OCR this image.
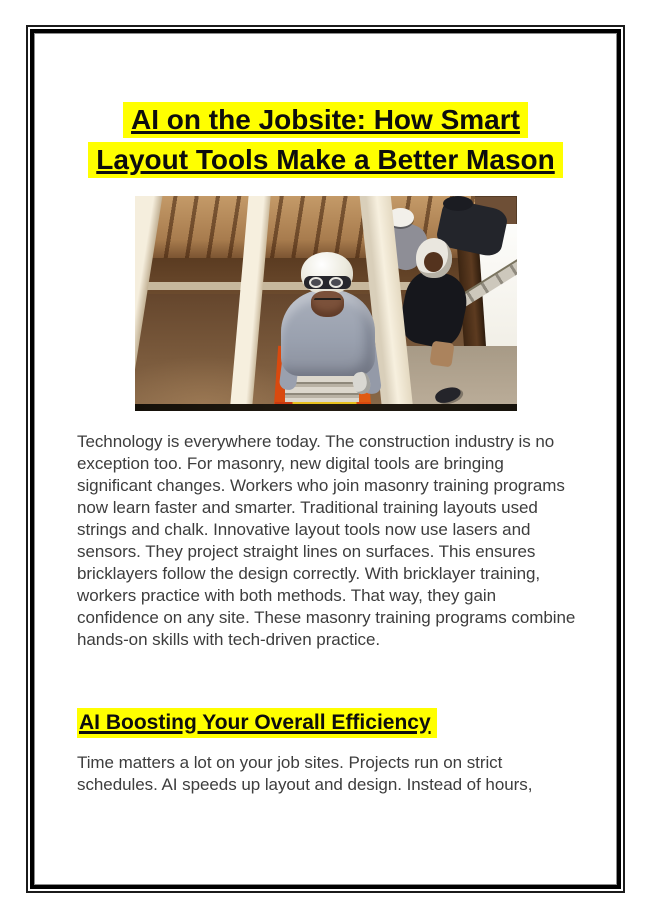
AI on the Jobsite: How Smart
Layout Tools Make a Better Mason

Technology is everywhere today. The construction industry is no exception too. For masonry, new digital tools are bringing significant changes. Workers who join masonry training programs now learn faster and smarter. Traditional training layouts used strings and chalk. Innovative layout tools now use lasers and sensors. They project straight lines on surfaces. This ensures bricklayers follow the design correctly. With bricklayer training, workers practice with both methods. That way, they gain confidence on any site. These masonry training programs combine hands-on skills with tech-driven practice.

AI Boosting Your Overall Efficiency

Time matters a lot on your job sites. Projects run on strict schedules. AI speeds up layout and design. Instead of hours,
